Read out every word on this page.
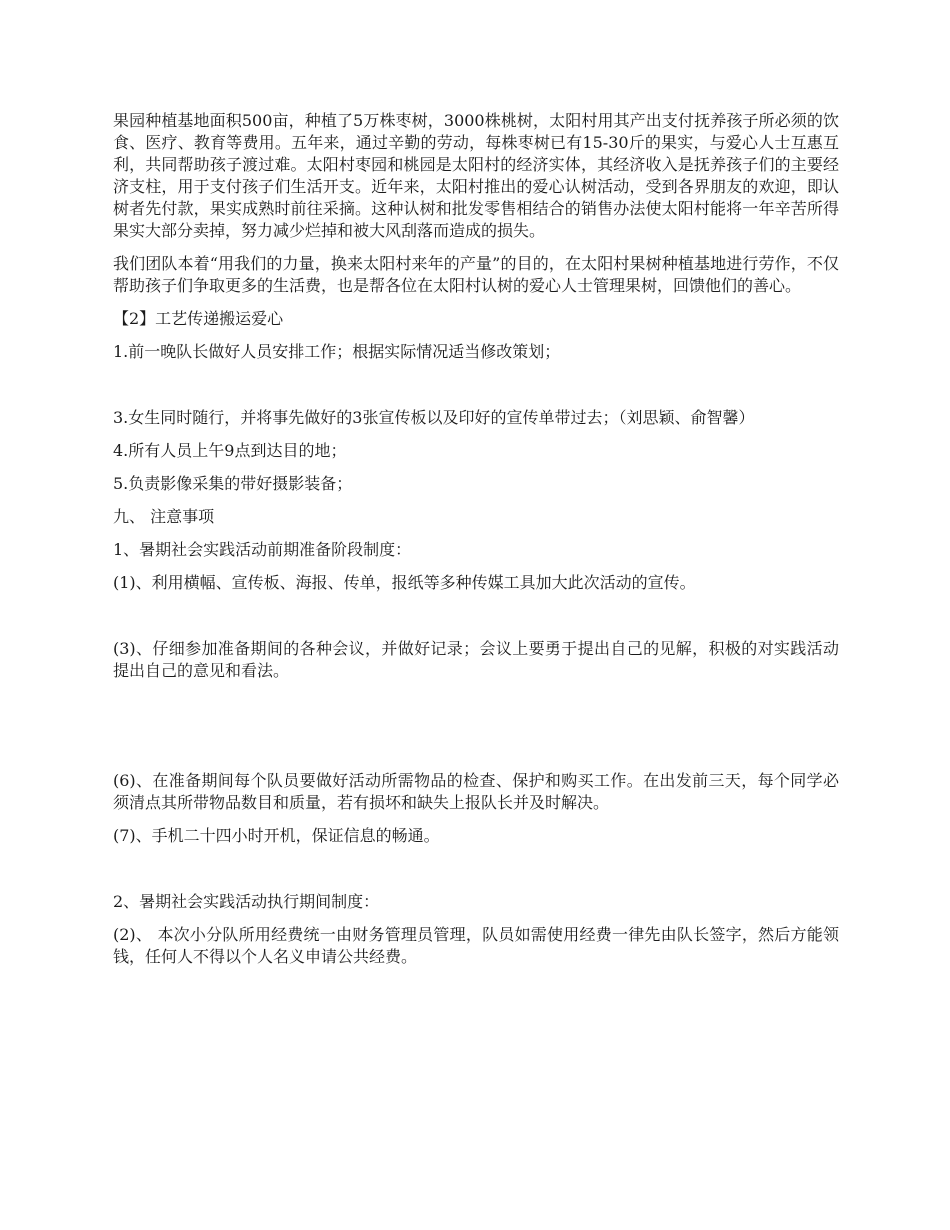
果园种植基地面积500亩，种植了5万株枣树，3000株桃树，太阳村用其产出支付抚养孩子所必须的饮食、医疗、教育等费用。五年来，通过辛勤的劳动，每株枣树已有15-30斤的果实，与爱心人士互惠互利，共同帮助孩子渡过难。太阳村枣园和桃园是太阳村的经济实体，其经济收入是抚养孩子们的主要经济支柱，用于支付孩子们生活开支。近年来，太阳村推出的爱心认树活动，受到各界朋友的欢迎，即认树者先付款，果实成熟时前往采摘。这种认树和批发零售相结合的销售办法使太阳村能将一年辛苦所得果实大部分卖掉，努力减少烂掉和被大风刮落而造成的损失。

我们团队本着“用我们的力量，换来太阳村来年的产量”的目的，在太阳村果树种植基地进行劳作，不仅帮助孩子们争取更多的生活费，也是帮各位在太阳村认树的爱心人士管理果树，回馈他们的善心。

【2】工艺传递搬运爱心

1.前一晚队长做好人员安排工作；根据实际情况适当修改策划；

3.女生同时随行，并将事先做好的3张宣传板以及印好的宣传单带过去；（刘思颖、俞智馨）

4.所有人员上午9点到达目的地；

5.负责影像采集的带好摄影装备；

九、 注意事项

1、暑期社会实践活动前期准备阶段制度：

(1)、利用横幅、宣传板、海报、传单，报纸等多种传媒工具加大此次活动的宣传。

(3)、仔细参加准备期间的各种会议，并做好记录；会议上要勇于提出自己的见解，积极的对实践活动提出自己的意见和看法。

(6)、在准备期间每个队员要做好活动所需物品的检查、保护和购买工作。在出发前三天，每个同学必须清点其所带物品数目和质量，若有损坏和缺失上报队长并及时解决。

(7)、手机二十四小时开机，保证信息的畅通。

2、暑期社会实践活动执行期间制度：

(2)、 本次小分队所用经费统一由财务管理员管理，队员如需使用经费一律先由队长签字，然后方能领钱，任何人不得以个人名义申请公共经费。
